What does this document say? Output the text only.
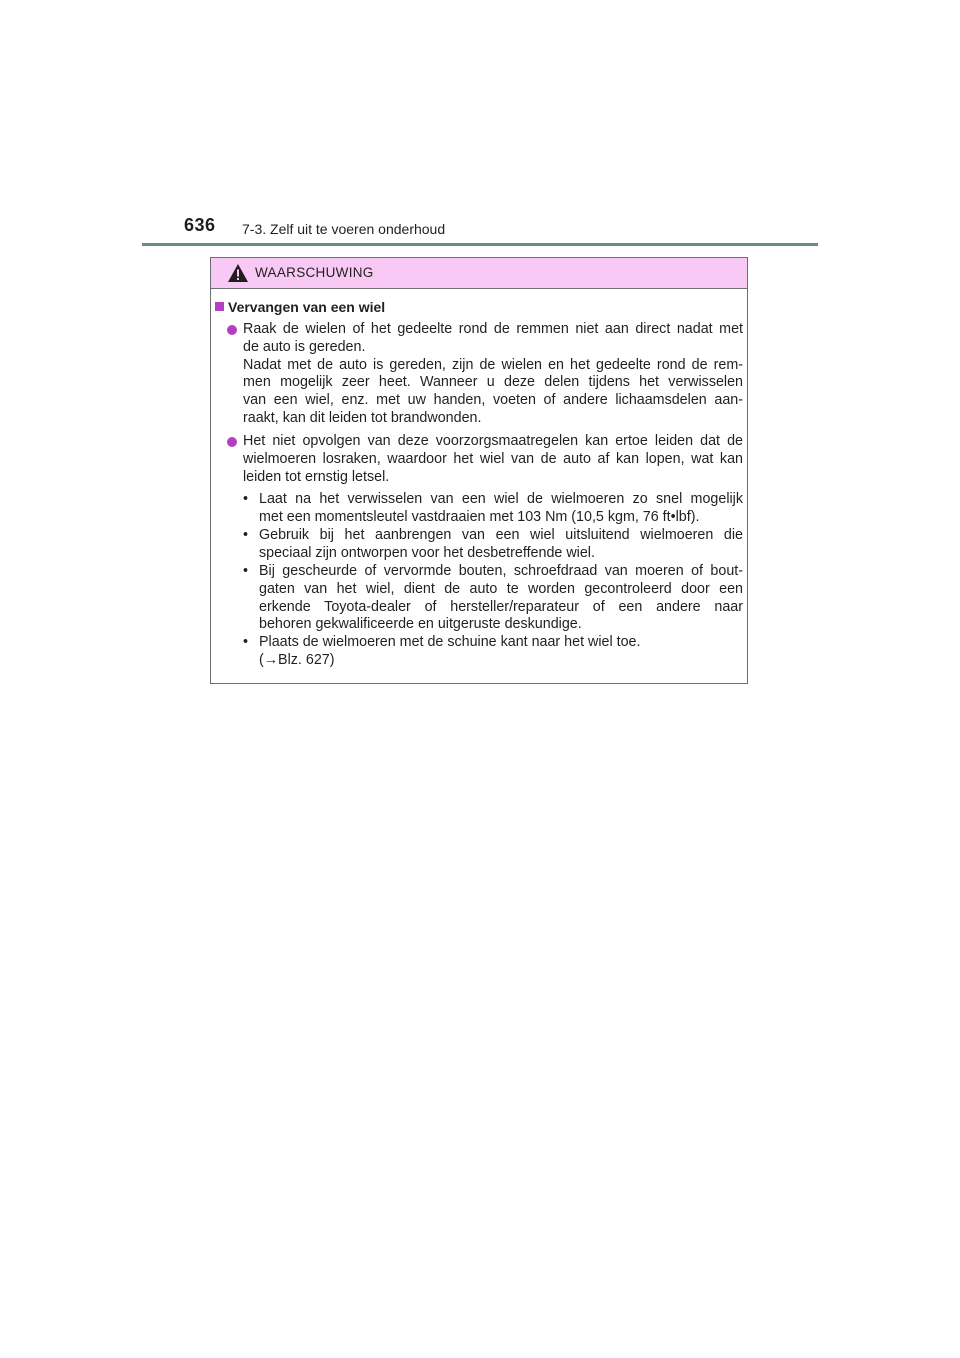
636 7-3. Zelf uit te voeren onderhoud
WAARSCHUWING
Vervangen van een wiel
Raak de wielen of het gedeelte rond de remmen niet aan direct nadat met
de auto is gereden.
Nadat met de auto is gereden, zijn de wielen en het gedeelte rond de rem-
men mogelijk zeer heet. Wanneer u deze delen tijdens het verwisselen
van een wiel, enz. met uw handen, voeten of andere lichaamsdelen aan-
raakt, kan dit leiden tot brandwonden.
Het niet opvolgen van deze voorzorgsmaatregelen kan ertoe leiden dat de
wielmoeren losraken, waardoor het wiel van de auto af kan lopen, wat kan
leiden tot ernstig letsel.
• Laat na het verwisselen van een wiel de wielmoeren zo snel mogelijk
met een momentsleutel vastdraaien met 103 Nm (10,5 kgm, 76 ft•lbf).
• Gebruik bij het aanbrengen van een wiel uitsluitend wielmoeren die
speciaal zijn ontworpen voor het desbetreffende wiel.
• Bij gescheurde of vervormde bouten, schroefdraad van moeren of bout-
gaten van het wiel, dient de auto te worden gecontroleerd door een
erkende Toyota-dealer of hersteller/reparateur of een andere naar
behoren gekwalificeerde en uitgeruste deskundige.
• Plaats de wielmoeren met de schuine kant naar het wiel toe.
(→Blz. 627)
